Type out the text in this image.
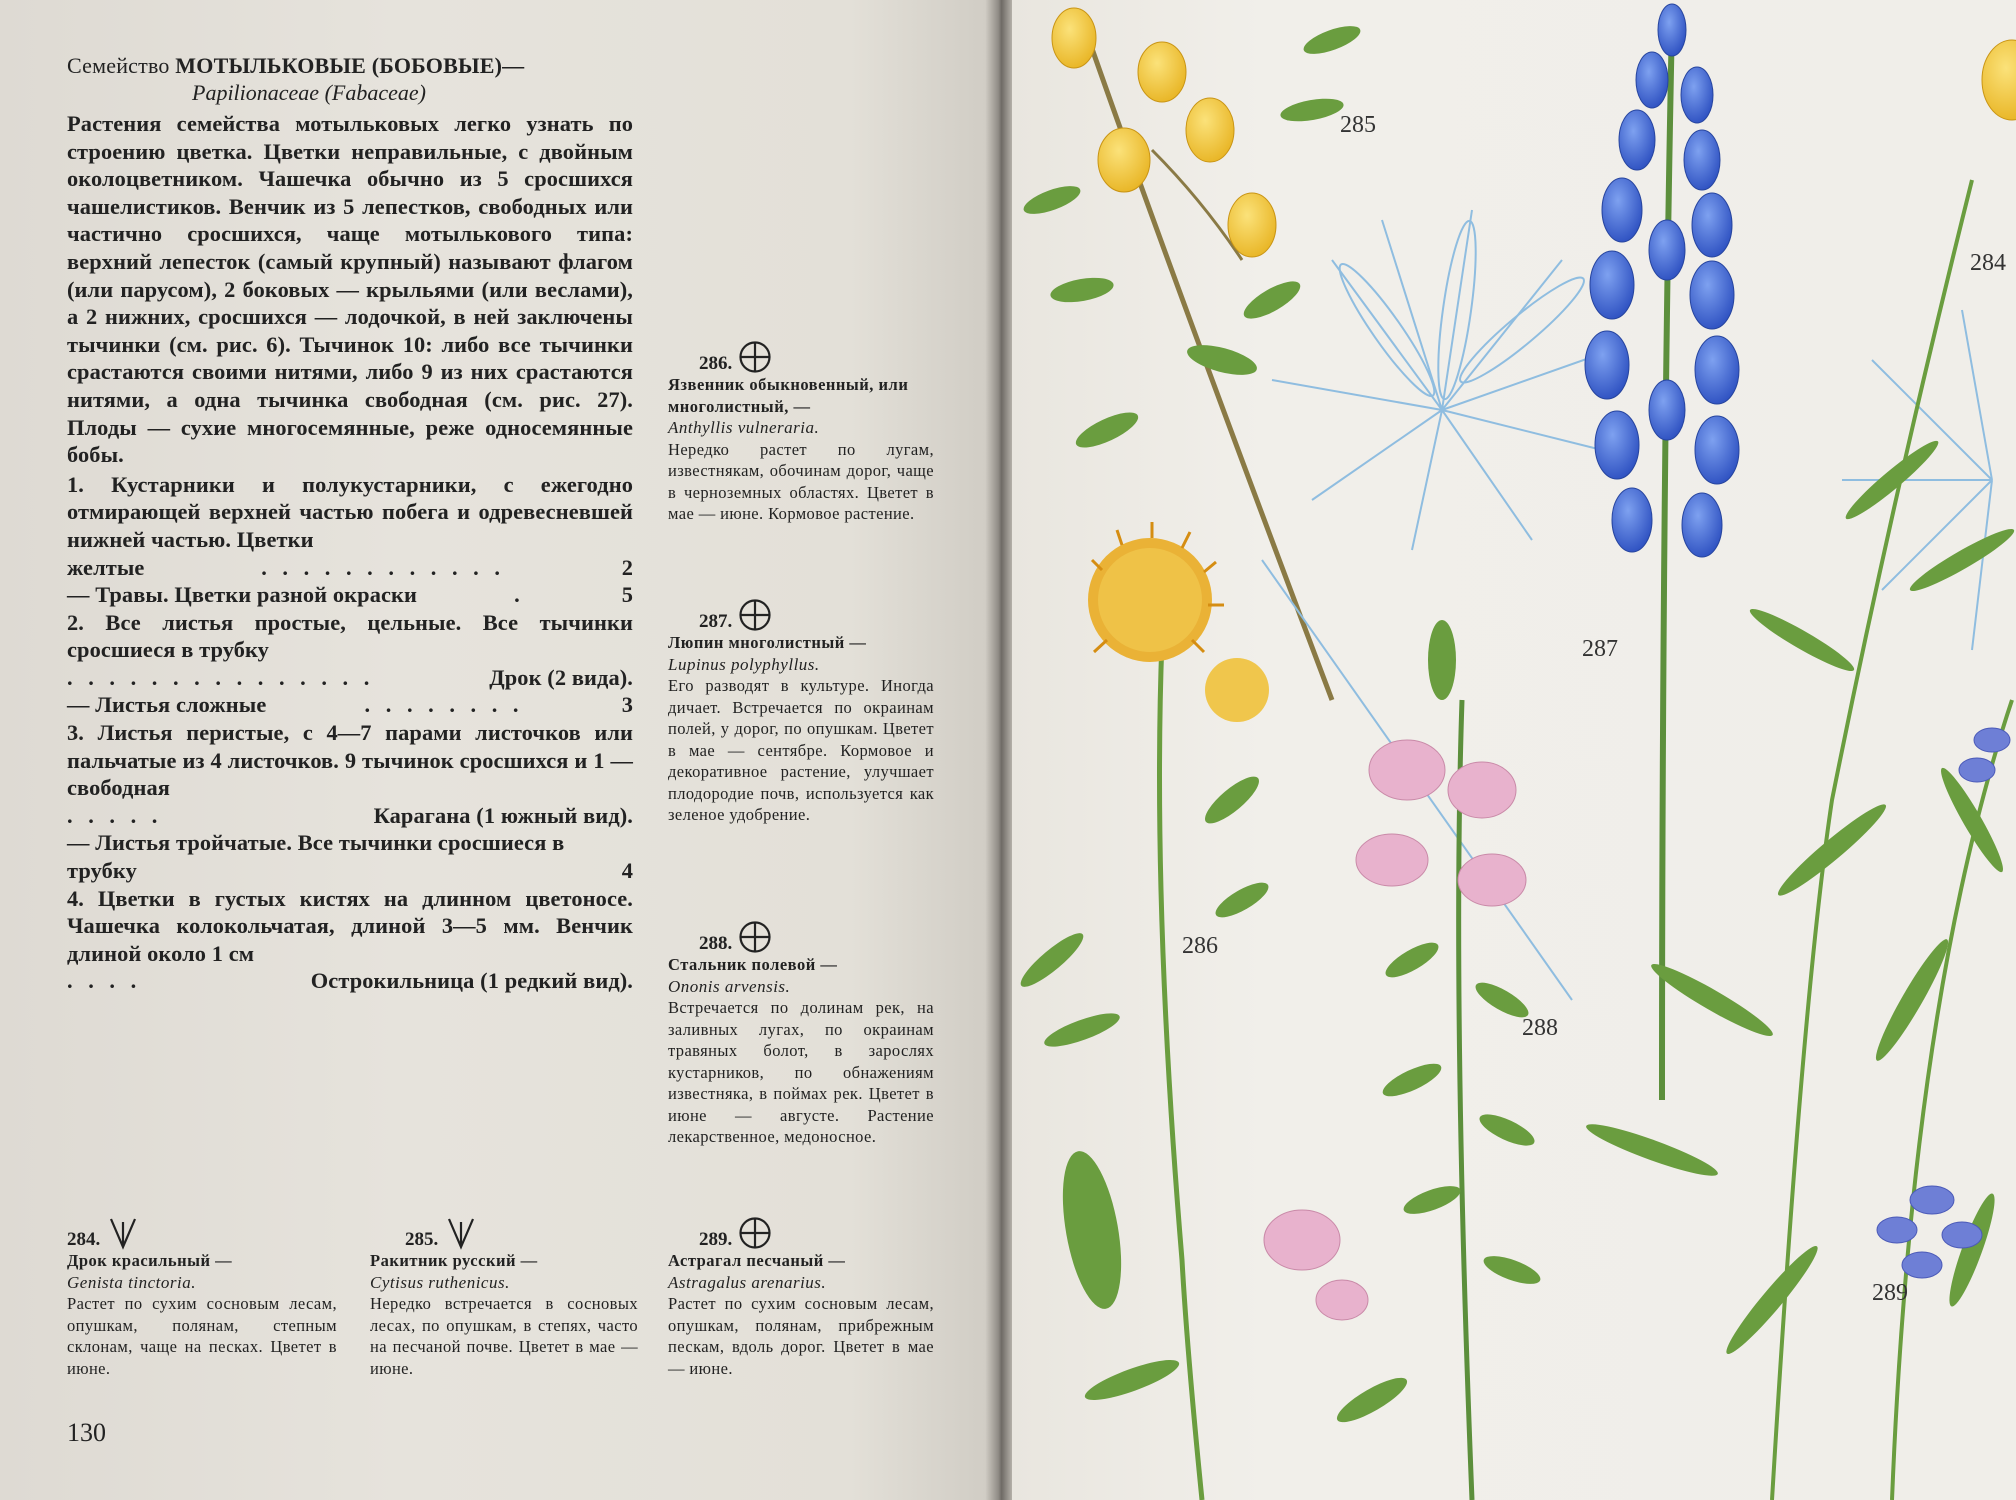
Семейство МОТЫЛЬКОВЫЕ (БОБОВЫЕ)—
Papilionaceae (Fabaceae)

Растения семейства мотыльковых легко узнать по строению цветка. Цветки неправильные, с двойным околоцветником. Чашечка обычно из 5 сросшихся чашелистиков. Венчик из 5 лепестков, свободных или частично сросшихся, чаще мотылькового типа: верхний лепесток (самый крупный) называют флагом (или парусом), 2 боковых — крыльями (или веслами), а 2 нижних, сросшихся — лодочкой, в ней заключены тычинки (см. рис. 6). Тычинок 10: либо все тычинки срастаются своими нитями, либо 9 из них срастаются нитями, а одна тычинка свободная (см. рис. 27). Плоды — сухие многосемянные, реже односемянные бобы.

1. Кустарники и полукустарники, с ежегодно отмирающей верхней частью побега и одревесневшей нижней частью. Цветки

желтые	. . . . . . . . . . . .	2
— Травы. Цветки разной окраски	.	5

2. Все листья простые, цельные. Все тычинки сросшиеся в трубку

. . . . . . . . . . . . . . .	Дрок (2 вида).
— Листья сложные	. . . . . . . .	3

3. Листья перистые, с 4—7 парами листочков или пальчатые из 4 листочков. 9 тычинок сросшихся и 1 — свободная

. . . . .	Карагана (1 южный вид).

— Листья тройчатые. Все тычинки сросшиеся в трубку	4

4. Цветки в густых кистях на длинном цветоносе. Чашечка колокольчатая, длиной 3—5 мм. Венчик длиной около 1 см

. . . .	Острокильница (1 редкий вид).
284.
Дрок красильный —
Genista tinctoria.
Растет по сухим сосновым лесам, опушкам, полянам, степным склонам, чаще на песках. Цветет в июне.
285.
Ракитник русский —
Cytisus ruthenicus.
Нередко встречается в сосновых лесах, по опушкам, в степях, часто на песчаной почве. Цветет в мае — июне.
286.
Язвенник обыкновенный, или многолистный, —
Anthyllis vulneraria.
Нередко растет по лугам, известнякам, обочинам дорог, чаще в черноземных областях. Цветет в мае — июне. Кормовое растение.
287.
Люпин многолистный —
Lupinus polyphyllus.
Его разводят в культуре. Иногда дичает. Встречается по окраинам полей, у дорог, по опушкам. Цветет в мае — сентябре. Кормовое и декоративное растение, улучшает плодородие почв, используется как зеленое удобрение.
288.
Стальник полевой —
Ononis arvensis.
Встречается по долинам рек, на заливных лугах, по окраинам травяных болот, в зарослях кустарников, по обнажениям известняка, в поймах рек. Цветет в июне — августе. Растение лекарственное, медоносное.
289.
Астрагал песчаный —
Astragalus arenarius.
Растет по сухим сосновым лесам, опушкам, полянам, прибрежным пескам, вдоль дорог. Цветет в мае — июне.
130
285
284
287
286
288
289
